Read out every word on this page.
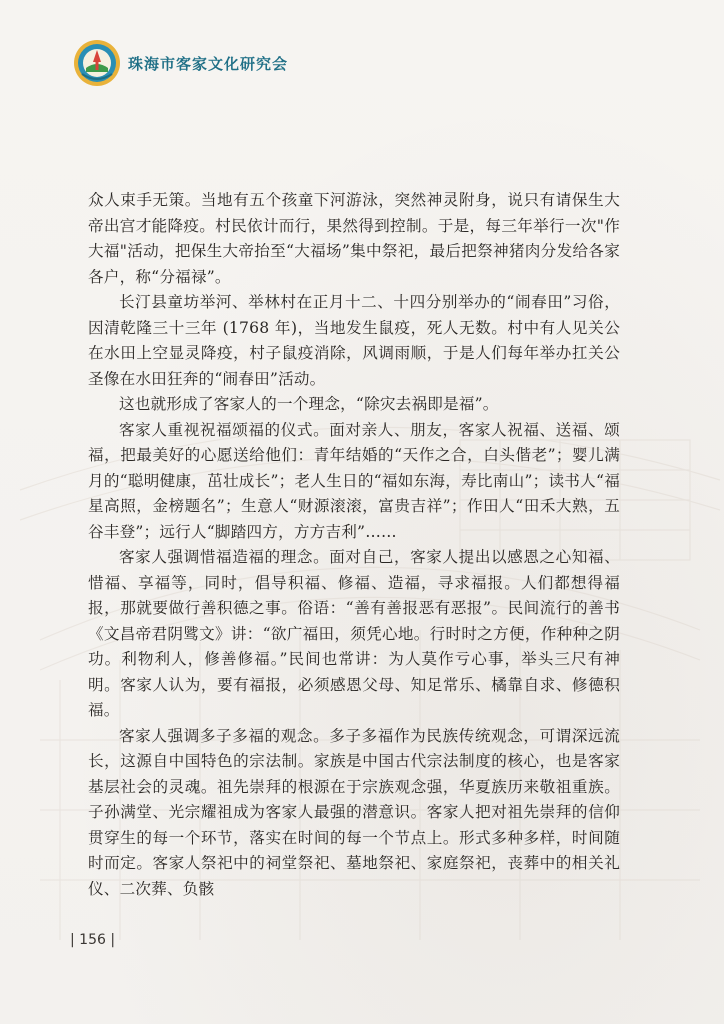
珠海市客家文化研究会

众人束手无策。当地有五个孩童下河游泳，突然神灵附身，说只有请保生大帝出宫才能降疫。村民依计而行，果然得到控制。于是，每三年举行一次"作大福"活动，把保生大帝抬至“大福场”集中祭祀，最后把祭神猪肉分发给各家各户，称“分福禄”。

长汀县童坊举河、举林村在正月十二、十四分别举办的“闹春田”习俗，因清乾隆三十三年 (1768 年)，当地发生鼠疫，死人无数。村中有人见关公在水田上空显灵降疫，村子鼠疫消除，风调雨顺，于是人们每年举办扛关公圣像在水田狂奔的“闹春田”活动。

这也就形成了客家人的一个理念，“除灾去祸即是福”。

客家人重视祝福颂福的仪式。面对亲人、朋友，客家人祝福、送福、颂福，把最美好的心愿送给他们：青年结婚的“天作之合，白头偕老”；婴儿满月的“聪明健康，茁壮成长”；老人生日的“福如东海，寿比南山”；读书人“福星高照，金榜题名”；生意人“财源滚滚，富贵吉祥”；作田人“田禾大熟，五谷丰登”；远行人“脚踏四方，方方吉利”……

客家人强调惜福造福的理念。面对自己，客家人提出以感恩之心知福、惜福、享福等，同时，倡导积福、修福、造福，寻求福报。人们都想得福报，那就要做行善积德之事。俗语：“善有善报恶有恶报”。民间流行的善书《文昌帝君阴骘文》讲：“欲广福田，须凭心地。行时时之方便，作种种之阴功。利物利人，修善修福。”民间也常讲：为人莫作亏心事，举头三尺有神明。客家人认为，要有福报，必须感恩父母、知足常乐、橘靠自求、修德积福。

客家人强调多子多福的观念。多子多福作为民族传统观念，可谓深远流长，这源自中国特色的宗法制。家族是中国古代宗法制度的核心，也是客家基层社会的灵魂。祖先崇拜的根源在于宗族观念强，华夏族历来敬祖重族。子孙满堂、光宗耀祖成为客家人最强的潜意识。客家人把对祖先崇拜的信仰贯穿生的每一个环节，落实在时间的每一个节点上。形式多种多样，时间随时而定。客家人祭祀中的祠堂祭祀、墓地祭祀、家庭祭祀，丧葬中的相关礼仪、二次葬、负骸

| 156 |
